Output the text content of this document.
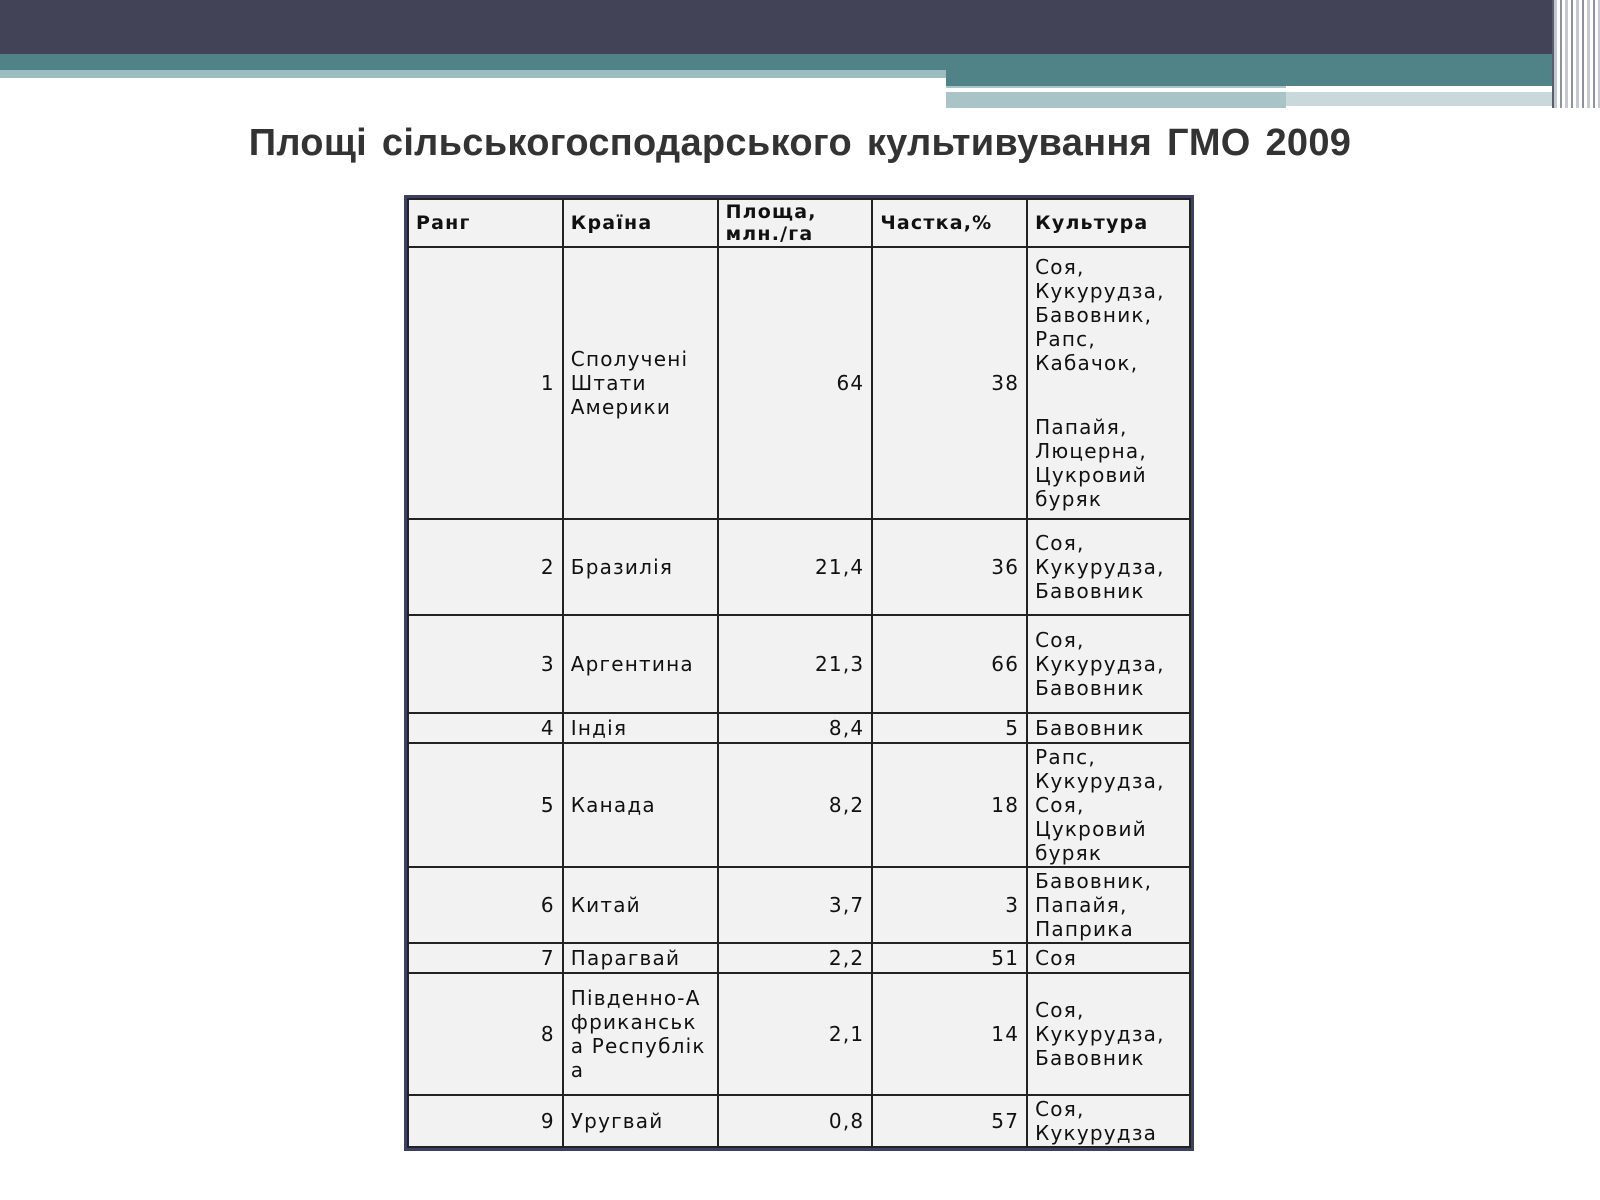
Площі сільськогосподарського культивування ГМО 2009
Ранг	Країна	Площа, млн./га	Частка,%	Культура
1	Сполучені Штати Америки	64	38	Соя, Кукурудза, Бавовник, Рапс, Кабачок,
Папайя, Люцерна, Цукровий буряк
2	Бразилія	21,4	36	Соя, Кукурудза, Бавовник
3	Аргентина	21,3	66	Соя, Кукурудза, Бавовник
4	Індія	8,4	5	Бавовник
5	Канада	8,2	18	Рапс, Кукурудза, Соя, Цукровий буряк
6	Китай	3,7	3	Бавовник, Папайя, Паприка
7	Парагвай	2,2	51	Соя
8	Південно-Африканська Республіка	2,1	14	Соя, Кукурудза, Бавовник
9	Уругвай	0,8	57	Соя, Кукурудза
